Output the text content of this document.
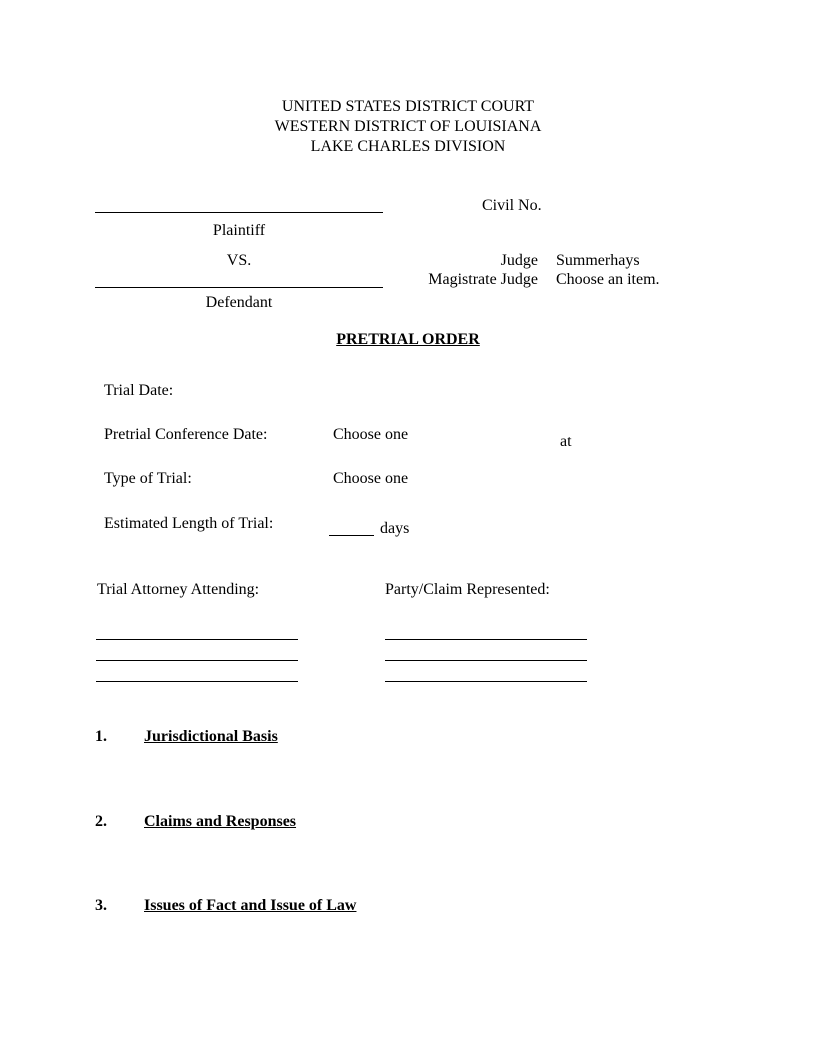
UNITED STATES DISTRICT COURT
WESTERN DISTRICT OF LOUISIANA
LAKE CHARLES DIVISION
Civil No.
Plaintiff
VS.
Defendant
Judge Summerhays
Magistrate Judge Choose an item.
PRETRIAL ORDER
Trial Date:
Pretrial Conference Date:	Choose one	at
Type of Trial:	Choose one
Estimated Length of Trial:	days
Trial Attorney Attending:	Party/Claim Represented:
1. Jurisdictional Basis
2. Claims and Responses
3. Issues of Fact and Issue of Law
